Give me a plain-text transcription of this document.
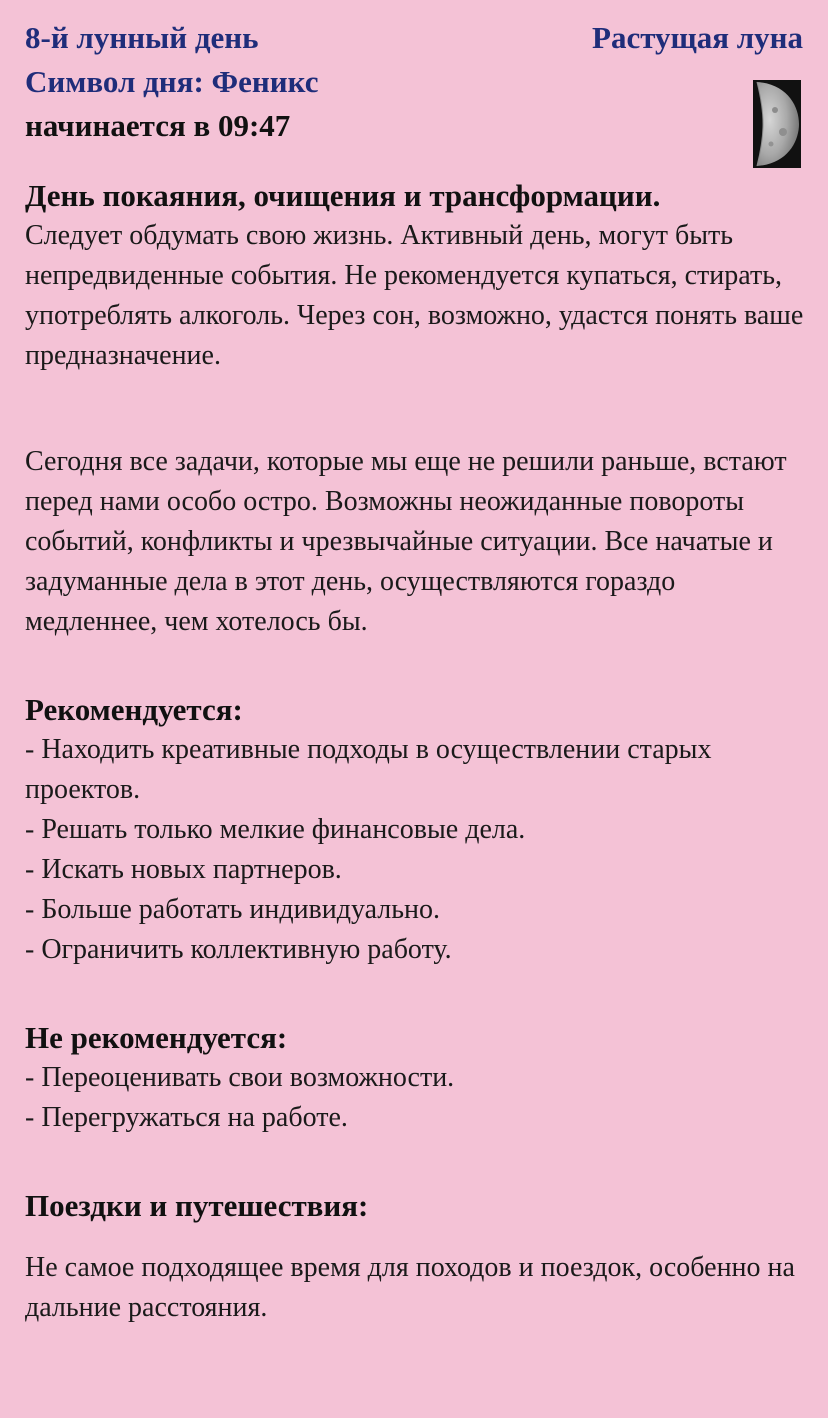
8-й лунный день
Символ дня: Феникс
начинается в 09:47
Растущая луна
День покаяния, очищения и трансформации.

Следует обдумать свою жизнь. Активный день, могут быть непредвиденные события. Не рекомендуется купаться, стирать, употреблять алкоголь. Через сон, возможно, удастся понять ваше предназначение.

Сегодня все задачи, которые мы еще не решили раньше, встают перед нами особо остро. Возможны неожиданные повороты событий, конфликты и чрезвычайные ситуации. Все начатые и задуманные дела в этот день, осуществляются гораздо медленнее, чем хотелось бы.

Рекомендуется:

- Находить креативные подходы в осуществлении старых проектов.

- Решать только мелкие финансовые дела.

- Искать новых партнеров.

- Больше работать индивидуально.

- Ограничить коллективную работу.

Не рекомендуется:

- Переоценивать свои возможности.

- Перегружаться на работе.

Поездки и путешествия:

Не самое подходящее время для походов и поездок, особенно на дальние расстояния.
